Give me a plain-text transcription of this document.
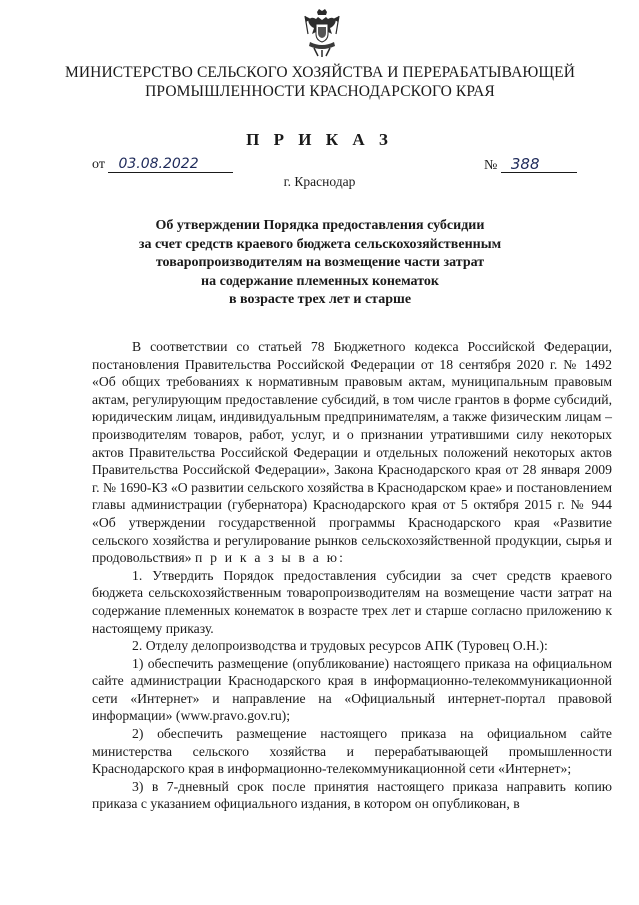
МИНИСТЕРСТВО СЕЛЬСКОГО ХОЗЯЙСТВА И ПЕРЕРАБАТЫВАЮЩЕЙ
ПРОМЫШЛЕННОСТИ КРАСНОДАРСКОГО КРАЯ
П Р И К А З
от 03.08.2022	№ 388
г. Краснодар
Об утверждении Порядка предоставления субсидии
за счет средств краевого бюджета сельскохозяйственным
товаропроизводителям на возмещение части затрат
на содержание племенных конематок
в возрасте трех лет и старше

В соответствии со статьей 78 Бюджетного кодекса Российской Федерации, постановления Правительства Российской Федерации от 18 сентября 2020 г. № 1492 «Об общих требованиях к нормативным правовым актам, муниципальным правовым актам, регулирующим предоставление субсидий, в том числе грантов в форме субсидий, юридическим лицам, индивидуальным предпринимателям, а также физическим лицам – производителям товаров, работ, услуг, и о признании утратившими силу некоторых актов Правительства Российской Федерации и отдельных положений некоторых актов Правительства Российской Федерации», Закона Краснодарского края от 28 января 2009 г. № 1690-КЗ «О развитии сельского хозяйства в Краснодарском крае» и постановлением главы администрации (губернатора) Краснодарского края от 5 октября 2015 г. № 944 «Об утверждении государственной программы Краснодарского края «Развитие сельского хозяйства и регулирование рынков сельскохозяйственной продукции, сырья и продовольствия» п р и к а з ы в а ю:

1. Утвердить Порядок предоставления субсидии за счет средств краевого бюджета сельскохозяйственным товаропроизводителям на возмещение части затрат на содержание племенных конематок в возрасте трех лет и старше согласно приложению к настоящему приказу.

2. Отделу делопроизводства и трудовых ресурсов АПК (Туровец О.Н.):

1) обеспечить размещение (опубликование) настоящего приказа на официальном сайте администрации Краснодарского края в информационно-телекоммуникационной сети «Интернет» и направление на «Официальный интернет-портал правовой информации» (www.pravo.gov.ru);

2) обеспечить размещение настоящего приказа на официальном сайте министерства сельского хозяйства и перерабатывающей промышленности Краснодарского края в информационно-телекоммуникационной сети «Интернет»;

3) в 7-дневный срок после принятия настоящего приказа направить копию приказа с указанием официального издания, в котором он опубликован, в
